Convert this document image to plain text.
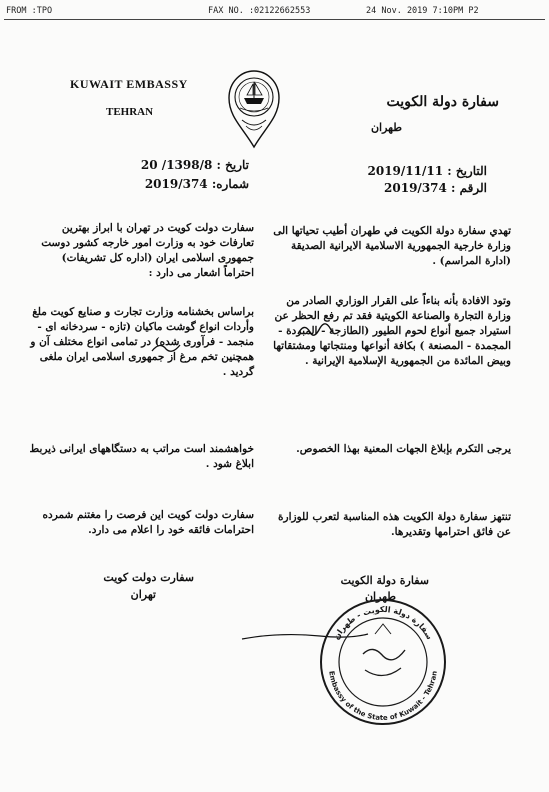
FROM :TPO	FAX NO. :02122662553	24 Nov. 2019 7:10PM P2
KUWAIT EMBASSY
TEHRAN
سفارة دولة الكويت
طهران
التاريخ : 2019/11/11
الرقم : 2019/374
تاريخ : 1398/8/ 20
شماره: 2019/374
تهدي سفارة دولة الكويت في طهران أطيب تحياتها الى وزارة خارجية الجمهورية الاسلامية الايرانية الصديقة (ادارة المراسم) .
وتود الافادة بأنه بناءاً على القرار الوزاري الصادر من وزارة التجارة والصناعة الكويتية فقد تم رفع الحظر عن استيراد جميع أنواع لحوم الطيور (الطازجة - المبردة - المجمدة - المصنعة ) بكافة أنواعها ومنتجاتها ومشتقاتها وبيض المائدة من الجمهورية الإسلامية الإيرانية .
يرجى التكرم بإبلاغ الجهات المعنية بهذا الخصوص.
تنتهز سفارة دولة الكويت هذه المناسبة لتعرب للوزارة عن فائق احترامها وتقديرها.
سفارت دولت کویت در تهران با ابراز بهترین تعارفات خود به وزارت امور خارجه کشور دوست جمهوری اسلامی ایران (اداره کل تشریفات) احتراماً اشعار می دارد :
براساس بخشنامه وزارت تجارت و صنایع کویت ملغ وأردات انواع گوشت ماکیان (تازه - سردخانه ای - منجمد - فرآوری شده) در تمامی انواع مختلف آن و همچنین تخم مرغ از جمهوری اسلامی ایران ملغی گردید .
خواهشمند است مراتب به دستگاههای ایرانی ذیربط ابلاغ شود .
سفارت دولت کویت این فرصت را مغتنم شمرده احترامات فائقه خود را اعلام می دارد.
سفارة دولة الكويت
طهران
سفارت دولت کویت
تهران
سفارة دولة الكويت - طهران
Embassy of the State of Kuwait - Tehran
